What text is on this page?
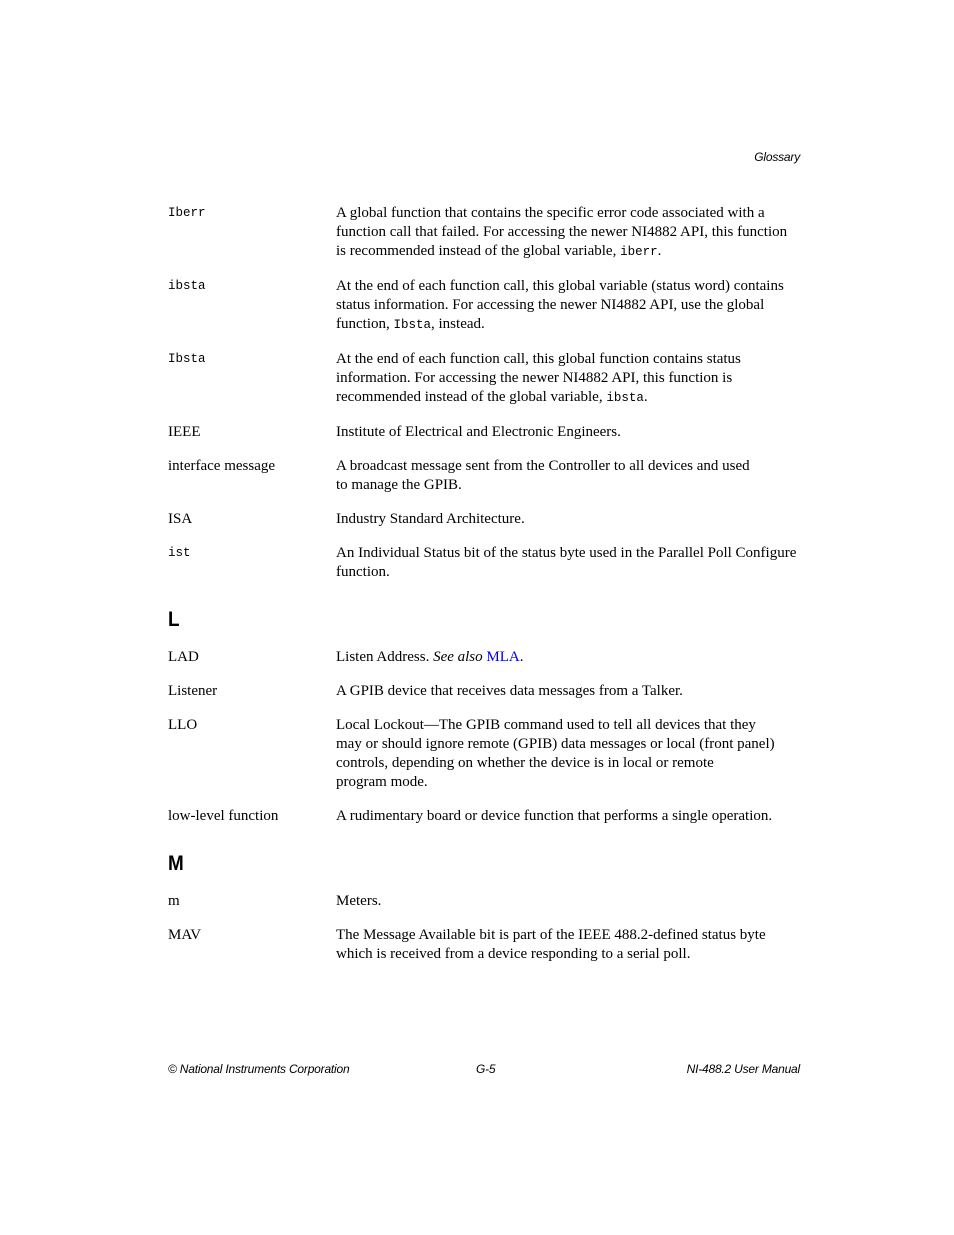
Glossary
Iberr	A global function that contains the specific error code associated with a function call that failed. For accessing the newer NI4882 API, this function is recommended instead of the global variable, iberr.
ibsta	At the end of each function call, this global variable (status word) contains status information. For accessing the newer NI4882 API, use the global function, Ibsta, instead.
Ibsta	At the end of each function call, this global function contains status information. For accessing the newer NI4882 API, this function is recommended instead of the global variable, ibsta.
IEEE	Institute of Electrical and Electronic Engineers.
interface message	A broadcast message sent from the Controller to all devices and used
to manage the GPIB.
ISA	Industry Standard Architecture.
ist	An Individual Status bit of the status byte used in the Parallel Poll Configure function.
L
LAD	Listen Address. See also MLA.
Listener	A GPIB device that receives data messages from a Talker.
LLO	Local Lockout—The GPIB command used to tell all devices that they
may or should ignore remote (GPIB) data messages or local (front panel)
controls, depending on whether the device is in local or remote
program mode.
low-level function	A rudimentary board or device function that performs a single operation.
M
m	Meters.
MAV	The Message Available bit is part of the IEEE 488.2-defined status byte which is received from a device responding to a serial poll.
© National Instruments Corporation	G-5	NI-488.2 User Manual
